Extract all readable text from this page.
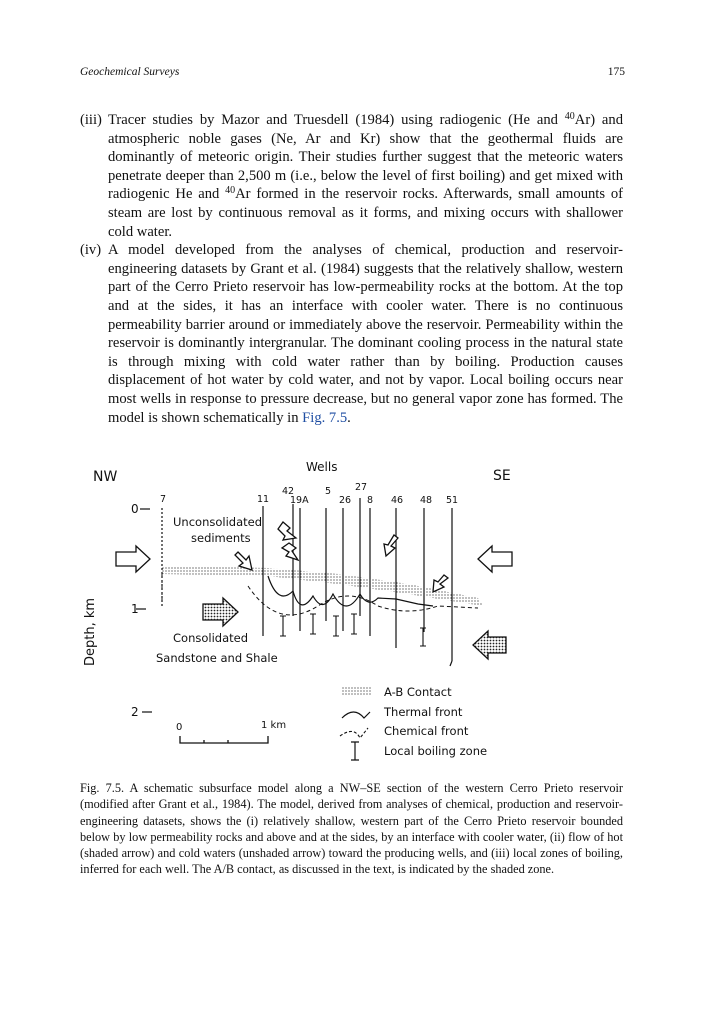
Geochemical Surveys	175
(iii) Tracer studies by Mazor and Truesdell (1984) using radiogenic (He and $^{40}$Ar) and atmospheric noble gases (Ne, Ar and Kr) show that the geothermal fluids are dominantly of meteoric origin. Their studies further suggest that the meteoric waters penetrate deeper than 2,500 m (i.e., below the level of first boiling) and get mixed with radiogenic He and $^{40}$Ar formed in the reservoir rocks. Afterwards, small amounts of steam are lost by continuous removal as it forms, and mixing occurs with shallower cold water.
(iv) A model developed from the analyses of chemical, production and reservoir-engineering datasets by Grant et al. (1984) suggests that the relatively shallow, western part of the Cerro Prieto reservoir has low-permeability rocks at the bottom. At the top and at the sides, it has an interface with cooler water. There is no continuous permeability barrier around or immediately above the reservoir. Permeability within the reservoir is dominantly intergranular. The dominant cooling process in the natural state is through mixing with cold water rather than by boiling. Production causes displacement of hot water by cold water, and not by vapor. Local boiling occurs near most wells in response to pressure decrease, but no general vapor zone has formed. The model is shown schematically in Fig. 7.5.
NW	SE
Wells
7	11
42
19A
5
26
27
8 46 48 51
Depth, km
0
1
2
Unconsolidated
sediments
Consolidated
Sandstone and Shale
0	1 km
A-B Contact
Thermal front
Chemical front
Local boiling zone
Fig. 7.5. A schematic subsurface model along a NW–SE section of the western Cerro Prieto reservoir (modified after Grant et al., 1984). The model, derived from analyses of chemical, production and reservoir-engineering datasets, shows the (i) relatively shallow, western part of the Cerro Prieto reservoir bounded below by low permeability rocks and above and at the sides, by an interface with cooler water, (ii) flow of hot (shaded arrow) and cold waters (unshaded arrow) toward the producing wells, and (iii) local zones of boiling, inferred for each well. The A/B contact, as discussed in the text, is indicated by the shaded zone.
